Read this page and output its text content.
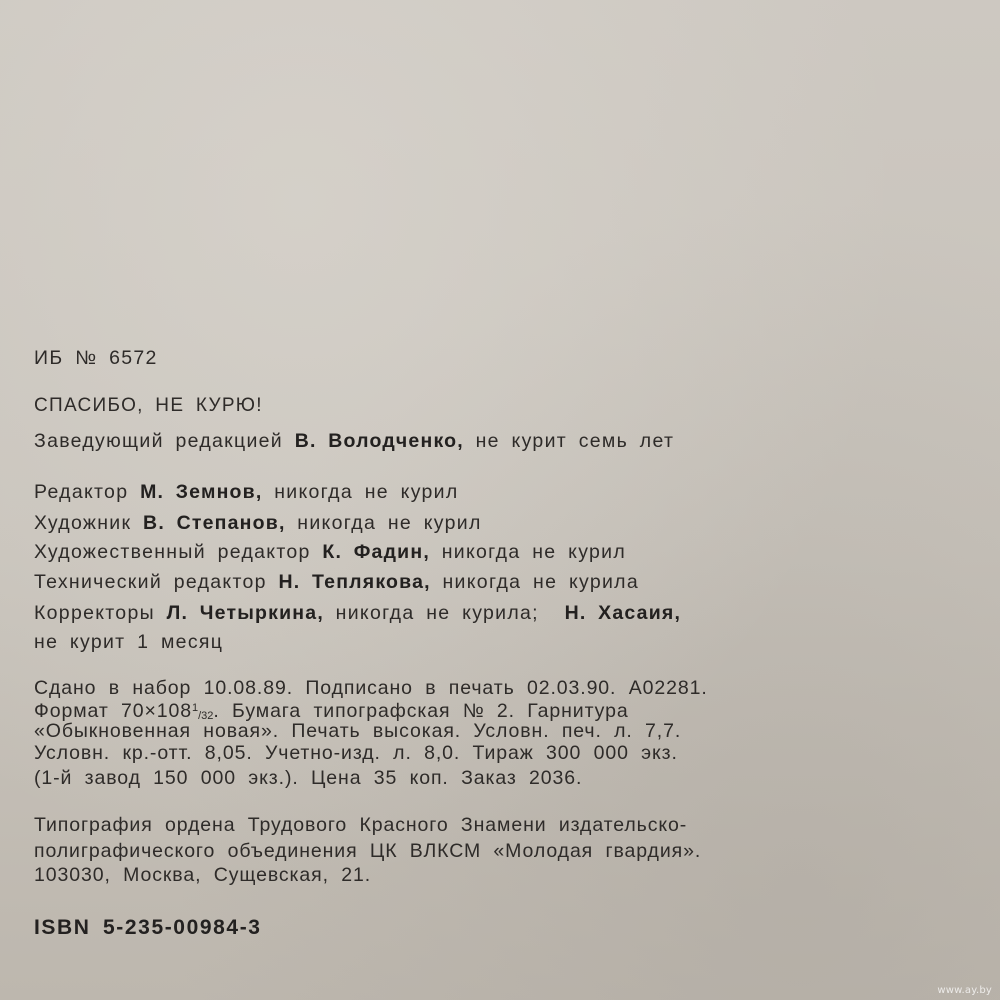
ИБ № 6572
СПАСИБО, НЕ КУРЮ!
Заведующий редакцией В. Володченко, не курит семь лет
Редактор М. Земнов, никогда не курил
Художник В. Степанов, никогда не курил
Художественный редактор К. Фадин, никогда не курил
Технический редактор Н. Теплякова, никогда не курила
Корректоры Л. Четыркина, никогда не курила; Н. Хасаия,
не курит 1 месяц
Сдано в набор 10.08.89. Подписано в печать 02.03.90. А02281.
Формат $70\times 108^1_{/32}$. Бумага типографская № 2. Гарнитура
«Обыкновенная новая». Печать высокая. Условн. печ. л. 7,7.
Условн. кр.-отт. 8,05. Учетно-изд. л. 8,0. Тираж 300 000 экз.
(1-й завод 150 000 экз.). Цена 35 коп. Заказ 2036.
Типография ордена Трудового Красного Знамени издательско-
полиграфического объединения ЦК ВЛКСМ «Молодая гвардия».
103030, Москва, Сущевская, 21.
ISBN 5-235-00984-3
www.ay.by
